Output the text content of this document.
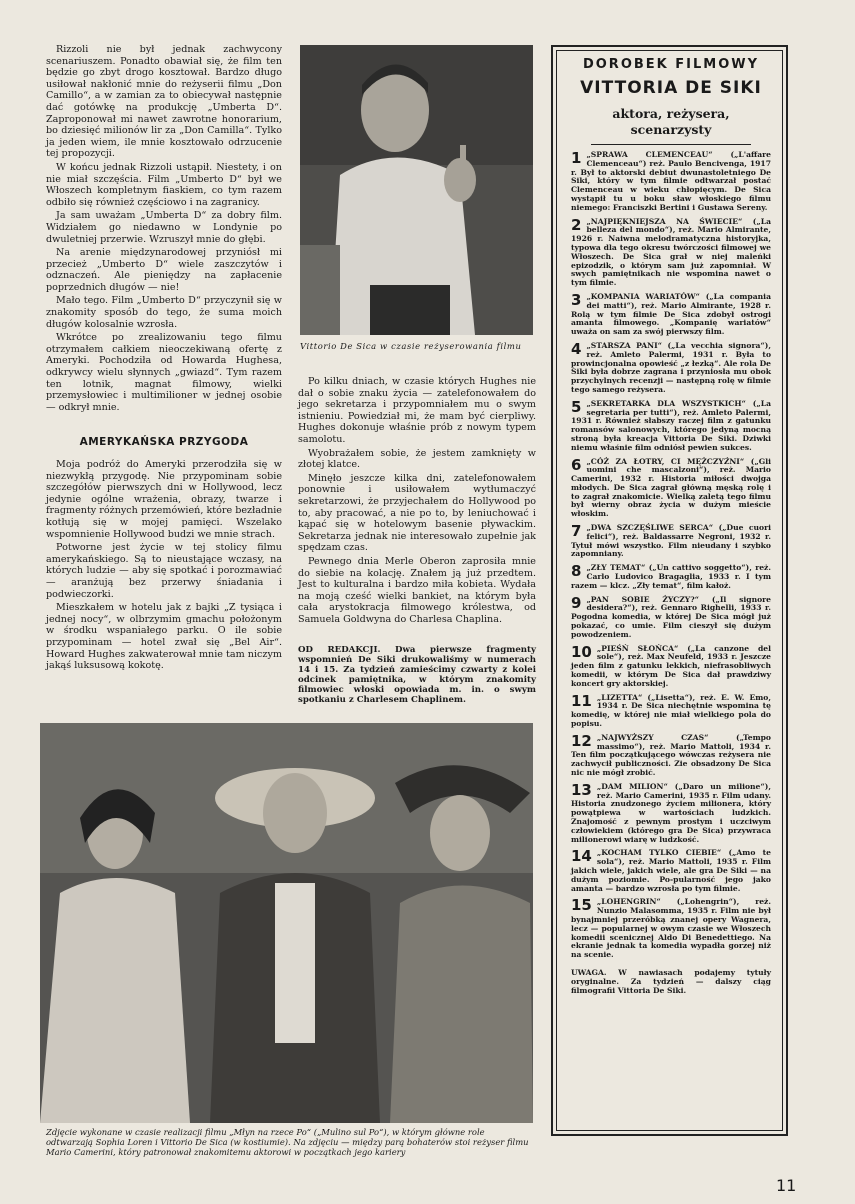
Rizzoli nie był jednak zachwycony scenariuszem. Ponadto obawiał się, że film ten będzie go zbyt drogo kosztował. Bardzo długo usiłował nakłonić mnie do reżyserii filmu „Don Camillo“, a w zamian za to obiecywał następnie dać gotówkę na produkcję „Umberta D“. Zaproponował mi nawet zawrotne honorarium, bo dziesięć milionów lir za „Don Camilla“. Tylko ja jeden wiem, ile mnie kosztowało odrzucenie tej propozycji.

W końcu jednak Rizzoli ustąpił. Niestety, i on nie miał szczęścia. Film „Umberto D“ był we Włoszech kompletnym fiaskiem, co tym razem odbiło się również częściowo i na zagranicy.

Ja sam uważam „Umberta D“ za dobry film. Widziałem go niedawno w Londynie po dwuletniej przerwie. Wzruszył mnie do głębi.

Na arenie międzynarodowej przyniósł mi przecież „Umberto D“ wiele zaszczytów i odznaczeń. Ale pieniędzy na zapłacenie poprzednich długów — nie!

Mało tego. Film „Umberto D“ przyczynił się w znakomity sposób do tego, że suma moich długów kolosalnie wzrosła.

Wkrótce po zrealizowaniu tego filmu otrzymałem całkiem nieoczekiwaną ofertę z Ameryki. Pochodziła od Howarda Hughesa, odkrywcy wielu słynnych „gwiazd“. Tym razem ten lotnik, magnat filmowy, wielki przemysłowiec i multimilioner w jednej osobie — odkrył mnie.

AMERYKAŃSKA PRZYGODA

Moja podróż do Ameryki przerodziła się w niezwykłą przygodę. Nie przypominam sobie szczegółów pierwszych dni w Hollywood, lecz jedynie ogólne wrażenia, obrazy, twarze i fragmenty różnych przemówień, które bezładnie kotłują się w mojej pamięci. Wszelako wspomnienie Hollywood budzi we mnie strach.

Potworne jest życie w tej stolicy filmu amerykańskiego. Są to nieustające wczasy, na których ludzie — aby się spotkać i porozmawiać — aranżują bez przerwy śniadania i podwieczorki.

Mieszkałem w hotelu jak z bajki „Z tysiąca i jednej nocy“, w olbrzymim gmachu położonym w środku wspaniałego parku. O ile sobie przypominam — hotel zwał się „Bel Air“. Howard Hughes zakwaterował mnie tam niczym jakąś luksusową kokotę.

Vittorio De Sica w czasie reżyserowania filmu

Po kilku dniach, w czasie których Hughes nie dał o sobie znaku życia — zatelefonowałem do jego sekretarza i przypomniałem mu o swym istnieniu. Powiedział mi, że mam być cierpliwy. Hughes dokonuje właśnie prób z nowym typem samolotu.

Wyobrażałem sobie, że jestem zamknięty w złotej klatce.

Minęło jeszcze kilka dni, zatelefonowałem ponownie i usiłowałem wytłumaczyć sekretarzowi, że przyjechałem do Hollywood po to, aby pracować, a nie po to, by leniuchować i kąpać się w hotelowym basenie pływackim. Sekretarza jednak nie interesowało zupełnie jak spędzam czas.

Pewnego dnia Merle Oberon zaprosiła mnie do siebie na kolację. Znałem ją już przedtem. Jest to kulturalna i bardzo miła kobieta. Wydała na moją cześć wielki bankiet, na którym była cała arystokracja filmowego królestwa, od Samuela Goldwyna do Charlesa Chaplina.

OD REDAKCJI. Dwa pierwsze fragmenty wspomnień De Siki drukowaliśmy w numerach 14 i 15. Za tydzień zamieścimy czwarty z kolei odcinek pamiętnika, w którym znakomity filmowiec włoski opowiada m. in. o swym spotkaniu z Charlesem Chaplinem.
Zdjęcie wykonane w czasie realizacji filmu „Młyn na rzece Po“ („Mulino sul Po“), w którym główne role odtwarzają Sophia Loren i Vittorio De Sica (w kostiumie). Na zdjęciu — między parą bohaterów stoi reżyser filmu Mario Camerini, który patronował znakomitemu aktorowi w początkach jego kariery
DOROBEK FILMOWY
VITTORIA DE SIKI
aktora, reżysera, scenarzysty
1 „SPRAWA CLEMENCEAU“ („L'affare Clemenceau“) reż. Paulo Bencivenga, 1917 r. Był to aktorski debiut dwunastoletniego De Siki, który w tym filmie odtwarzał postać Clemenceau w wieku chłopięcym. De Sica wystąpił tu u boku sław włoskiego filmu niemego: Franciszki Bertini i Gustawa Sereny.
2 „NAJPIĘKNIEJSZA NA ŚWIECIE“ („La belleza del mondo“), reż. Mario Almirante, 1926 r. Naiwna melodramatyczna historyjka, typowa dla tego okresu twórczości filmowej we Włoszech. De Sica grał w niej maleńki epizodzik, o którym sam już zapomniał. W swych pamiętnikach nie wspomina nawet o tym filmie.
3 „KOMPANIA WARIATÓW“ („La compania dei matti“), reż. Mario Almirante, 1928 r. Rolą w tym filmie De Sica zdobył ostrogi amanta filmowego. „Kompanię wariatów“ uważa on sam za swój pierwszy film.
4 „STARSZA PANI“ („La vecchia signora“), reż. Amleto Palermi, 1931 r. Była to prowincjonalna opowieść „z łezką“. Ale rola De Siki była dobrze zagrana i przyniosła mu obok przychylnych recenzji — następną rolę w filmie tego samego reżysera.
5 „SEKRETARKA DLA WSZYSTKICH“ („La segretaria per tutti“), reż. Amleto Palermi, 1931 r. Również słabszy raczej film z gatunku romansów salonowych, którego jedyną mocną stroną była kreacja Vittoria De Siki. Dziwki niemu właśnie film odniósł pewien sukces.
6 „CÓŻ ZA ŁOTRY, CI MĘŻCZYŹNI“ („Gli uomini che mascalzoni“), reż. Mario Camerini, 1932 r. Historia miłości dwojga młodych. De Sica zagrał główną męską rolę i to zagrał znakomicie. Wielką zaletą tego filmu był wierny obraz życia w dużym mieście włoskim.
7 „DWA SZCZĘŚLIWE SERCA“ („Due cuori felici“), reż. Baldassarre Negroni, 1932 r. Tytuł mówi wszystko. Film nieudany i szybko zapomniany.
8 „ZŁY TEMAT“ („Un cattivo soggetto“), reż. Carlo Ludovico Bragaglia, 1933 r. I tym razem — klcz. „Zły temat“, film kałoż.
9 „PAN SOBIE ŻYCZY?“ („Il signore desidera?“), reż. Gennaro Righelli, 1933 r. Pogodna komedia, w której De Sica mógł już pokazać, co umie. Film cieszył się dużym powodzeniem.
10 „PIEŚŃ SŁOŃCA“ („La canzone del sole“), reż. Max Neufeld, 1933 r. Jeszcze jeden film z gatunku lekkich, niefrasobliwych komedii, w którym De Sica dał prawdziwy koncert gry aktorskiej.
11 „LIZETTA“ („Lisetta“), reż. E. W. Emo, 1934 r. De Sica niechętnie wspomina tę komedię, w której nie miał wielkiego pola do popisu.
12 „NAJWYŻSZY CZAS“ („Tempo massimo“), reż. Mario Mattoli, 1934 r. Ten film początkującego wówczas reżysera nie zachwycił publiczności. Zie obsadzony De Sica nic nie mógł zrobić.
13 „DAM MILION“ („Daro un milione“), reż. Mario Camerini, 1935 r. Film udany. Historia znudzonego życiem milionera, który powątpiewa w wartościach ludzkich. Znajomość z pewnym prostym i uczciwym człowiekiem (którego gra De Sica) przywraca milionerowi wiarę w ludzkość.
14 „KOCHAM TYLKO CIEBIE“ („Amo te sola“), reż. Mario Mattoli, 1935 r. Film jakich wiele, jakich wiele, ale gra De Siki — na dużym poziomie. Po-pularność jego jako amanta — bardzo wzrosła po tym filmie.
15 „LOHENGRIN“ („Lohengrin“), reż. Nunzio Malasomma, 1935 r. Film nie był bynajmniej przeróbką znanej opery Wagnera, lecz — popularnej w owym czasie we Włoszech komedii scenicznej Aldo Di Benedettiego. Na ekranie jednak ta komedia wypadła gorzej niż na scenie.
UWAGA. W nawiasach podajemy tytuły oryginalne. Za tydzień — dalszy ciąg filmografii Vittoria De Siki.
11
